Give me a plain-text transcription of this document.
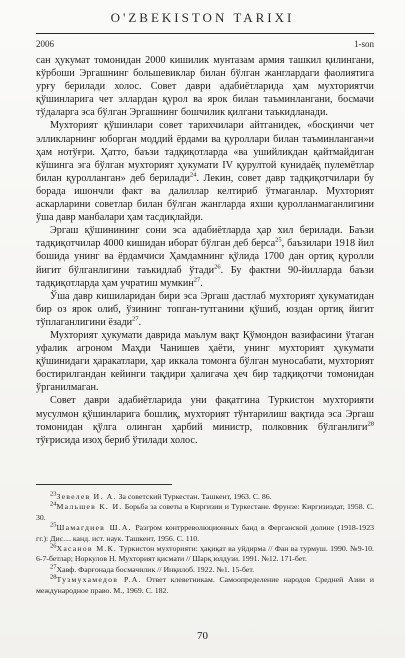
O'ZBEKISTON TARIXI
2006	1-son

сан ҳукумат томонидан 2000 кишилик мунтазам армия ташкил қилингани, кўрбоши Эргашнинг большевиклар билан бўлган жанглардаги фаолиятига урғу берилади холос. Совет даври адабиётларида ҳам мухториятчи қўшинларига чет эллардан қурол ва ярок билан таъминлангани, босмачи тўдаларга эса бўлган Эргашнинг бошчилик қилгани таъкидланади.

Мухторият қўшинлари совет тарихчилари айтганидек, «босқинчи чет элликларнинг юборган моддий ёрдами ва қуроллари билан таъминланган»и ҳам нотўғри. Ҳаттo, баъзи тадқиқотларда «ва ушийликдан қайтмайдиган кўшинга эга бўлган мухторият ҳукумати IV қурултой кунидаёқ пулемётлар билан қуролланган» деб берилади$^{24}$. Лекин, совет давр тадқиқотчилари бу борада ишончли факт ва далиллар келтириб ўтмаганлар. Мухторият аскарларини советлар билан бўлган жангларда яхши қуролланмаганлигини ўша давр манбалари ҳам тасдиқлайди.

Эргаш қўшинининг сони эса адабиётларда ҳар хил берилади. Баъзи тадқиқотчилар 4000 кишидан иборат бўлган деб берса$^{25}$, баъзилари 1918 йил бошида унинг ва ёрдамчиси Ҳамдамнинг қўлида 1700 дан ортиқ қуролли йигит бўлганлигини таъкидлаб ўтади$^{26}$. Бу фактни 90-йилларда баъзи тадқиқотларда ҳам учратиш мумкин$^{27}$.

Ўша давр кишиларидан бири эса Эргаш дастлаб мухторият ҳукуматидан бир оз ярок олиб, ўзининг топган-тутганини қўшиб, юздан ортиқ йигит тўплаганлигини ёзади$^{27}$.

Мухторият ҳукумати даврида маълум вақт Қўмондон вазифасини ўтаган уфалик агроном Маҳди Чанишев ҳаёти, унинг мухторият ҳукумати қўшинидаги ҳаракатлари, ҳар иккала томонга бўлган муносабати, мухторият бостирилгандан кейинги тақдири ҳалигача ҳеч бир тадқиқотчи томонидан ўрганилмаган.

Совет даври адабиётларида уни фақатгина Туркистон мухторияти мусулмон қўшинларига бошлиқ, мухторият тўнтарилиш вақтида эса Эргаш томонидан қўлга олинган ҳарбий министр, полковник бўлганлиги$^{28}$ тўғрисида изоҳ бериб ўтилади холос.

$^{23}$Зевелев И. А. За советский Туркестан. Ташкент, 1963. С. 86.
$^{24}$Мальшев К. И. Борьба за советы в Киргизии и Туркестане. Фрунзе: Киргизиздат, 1958. С. 30.
$^{25}$Шамагдиев Ш.А. Разгром контрреволюционных банд в Ферганской долине (1918-1923 гг.): Дис.... канд. ист. наук. Ташкент, 1956. С. 110.
$^{26}$Хасанов М.К. Туркистон мухторияти: ҳақиқат ва уйдирма // Фан ва турмуш. 1990. №9-10. 6-7-бетлар; Норкулов Н. Мухторият қисмати // Шарқ юлдузи. 1991. №12. 171-бет.
$^{27}$Хавф. Фарғонада босмачилик // Инқилоб. 1922. №1. 15-бет.
$^{28}$Тузмухамедов Р.А. Ответ клеветникам. Самоопределение народов Средней Азии и международное право. М., 1969. С. 182.
70
